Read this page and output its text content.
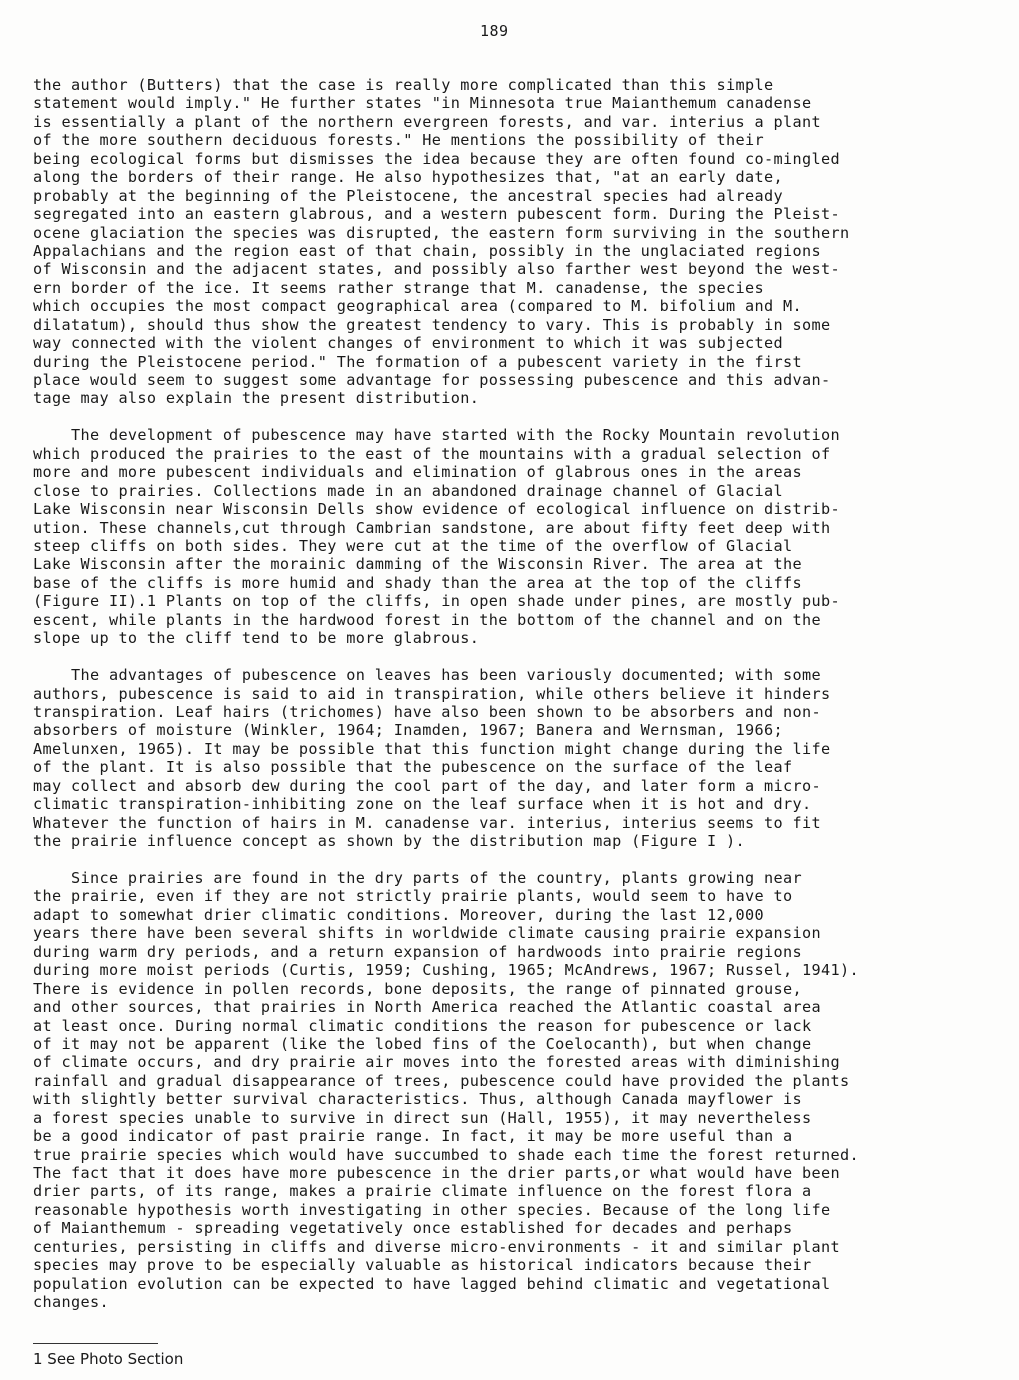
189
the author (Butters) that the case is really more complicated than this simple
statement would imply." He further states "in Minnesota true Maianthemum canadense
is essentially a plant of the northern evergreen forests, and var. interius a plant
of the more southern deciduous forests." He mentions the possibility of their
being ecological forms but dismisses the idea because they are often found co-mingled
along the borders of their range. He also hypothesizes that, "at an early date,
probably at the beginning of the Pleistocene, the ancestral species had already
segregated into an eastern glabrous, and a western pubescent form. During the Pleist-
ocene glaciation the species was disrupted, the eastern form surviving in the southern
Appalachians and the region east of that chain, possibly in the unglaciated regions
of Wisconsin and the adjacent states, and possibly also farther west beyond the west-
ern border of the ice. It seems rather strange that M. canadense, the species
which occupies the most compact geographical area (compared to M. bifolium and M.
dilatatum), should thus show the greatest tendency to vary. This is probably in some
way connected with the violent changes of environment to which it was subjected
during the Pleistocene period." The formation of a pubescent variety in the first
place would seem to suggest some advantage for possessing pubescence and this advan-
tage may also explain the present distribution.
The development of pubescence may have started with the Rocky Mountain revolution
which produced the prairies to the east of the mountains with a gradual selection of
more and more pubescent individuals and elimination of glabrous ones in the areas
close to prairies. Collections made in an abandoned drainage channel of Glacial
Lake Wisconsin near Wisconsin Dells show evidence of ecological influence on distrib-
ution. These channels,cut through Cambrian sandstone, are about fifty feet deep with
steep cliffs on both sides. They were cut at the time of the overflow of Glacial
Lake Wisconsin after the morainic damming of the Wisconsin River. The area at the
base of the cliffs is more humid and shady than the area at the top of the cliffs
(Figure II).1 Plants on top of the cliffs, in open shade under pines, are mostly pub-
escent, while plants in the hardwood forest in the bottom of the channel and on the
slope up to the cliff tend to be more glabrous.
The advantages of pubescence on leaves has been variously documented; with some
authors, pubescence is said to aid in transpiration, while others believe it hinders
transpiration. Leaf hairs (trichomes) have also been shown to be absorbers and non-
absorbers of moisture (Winkler, 1964; Inamden, 1967; Banera and Wernsman, 1966;
Amelunxen, 1965). It may be possible that this function might change during the life
of the plant. It is also possible that the pubescence on the surface of the leaf
may collect and absorb dew during the cool part of the day, and later form a micro-
climatic transpiration-inhibiting zone on the leaf surface when it is hot and dry.
Whatever the function of hairs in M. canadense var. interius, interius seems to fit
the prairie influence concept as shown by the distribution map (Figure I ).
Since prairies are found in the dry parts of the country, plants growing near
the prairie, even if they are not strictly prairie plants, would seem to have to
adapt to somewhat drier climatic conditions. Moreover, during the last 12,000
years there have been several shifts in worldwide climate causing prairie expansion
during warm dry periods, and a return expansion of hardwoods into prairie regions
during more moist periods (Curtis, 1959; Cushing, 1965; McAndrews, 1967; Russel, 1941).
There is evidence in pollen records, bone deposits, the range of pinnated grouse,
and other sources, that prairies in North America reached the Atlantic coastal area
at least once. During normal climatic conditions the reason for pubescence or lack
of it may not be apparent (like the lobed fins of the Coelocanth), but when change
of climate occurs, and dry prairie air moves into the forested areas with diminishing
rainfall and gradual disappearance of trees, pubescence could have provided the plants
with slightly better survival characteristics. Thus, although Canada mayflower is
a forest species unable to survive in direct sun (Hall, 1955), it may nevertheless
be a good indicator of past prairie range. In fact, it may be more useful than a
true prairie species which would have succumbed to shade each time the forest returned.
The fact that it does have more pubescence in the drier parts,or what would have been
drier parts, of its range, makes a prairie climate influence on the forest flora a
reasonable hypothesis worth investigating in other species. Because of the long life
of Maianthemum - spreading vegetatively once established for decades and perhaps
centuries, persisting in cliffs and diverse micro-environments - it and similar plant
species may prove to be especially valuable as historical indicators because their
population evolution can be expected to have lagged behind climatic and vegetational
changes.
1 See Photo Section
